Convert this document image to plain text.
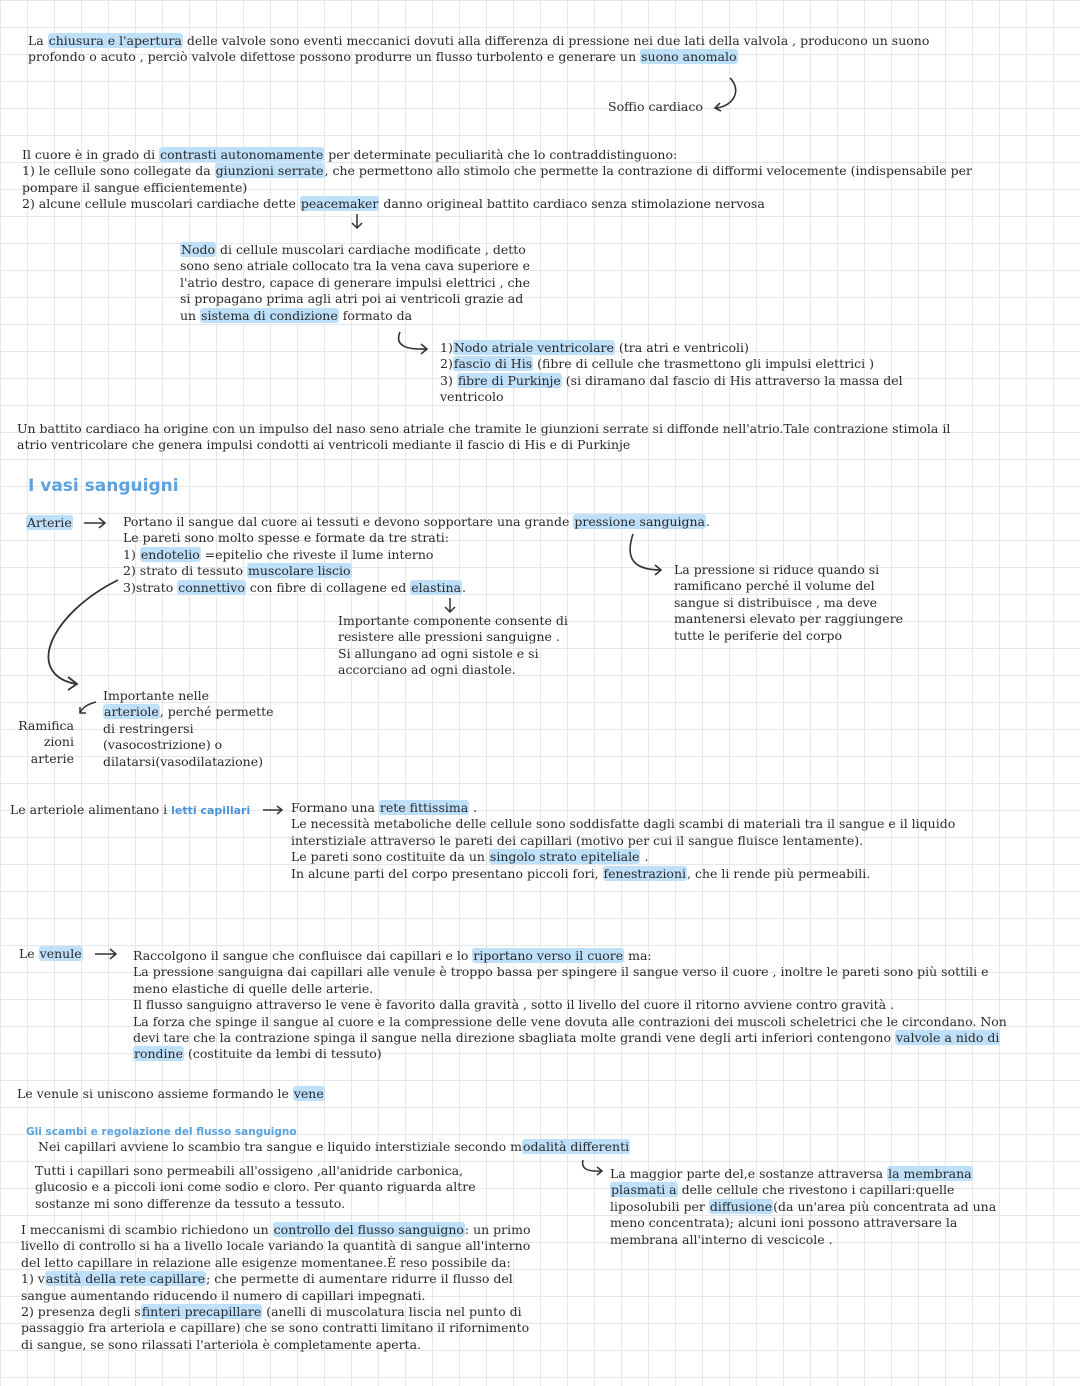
La chiusura e l'apertura delle valvole sono eventi meccanici dovuti alla differenza di pressione nei due lati della valvola , producono un suono

profondo o acuto , perciò valvole difettose possono produrre un flusso turbolento e generare un suono anomalo

Soffio cardiaco

Il cuore è in grado di contrasti autonomamente per determinate peculiarità che lo contraddistinguono:

1) le cellule sono collegate da giunzioni serrate, che permettono allo stimolo che permette la contrazione di difformi velocemente (indispensabile per

pompare il sangue efficientemente)

2) alcune cellule muscolari cardiache dette peacemaker danno origineal battito cardiaco senza stimolazione nervosa

Nodo di cellule muscolari cardiache modificate , detto

sono seno atriale collocato tra la vena cava superiore e

l'atrio destro, capace di generare impulsi elettrici , che

si propagano prima agli atri poi ai ventricoli grazie ad

un sistema di condizione formato da

1)Nodo atriale ventricolare (tra atri e ventricoli)

2)fascio di His (fibre di cellule che trasmettono gli impulsi elettrici )

3) fibre di Purkinje (si diramano dal fascio di His attraverso la massa del

ventricolo

Un battito cardiaco ha origine con un impulso del naso seno atriale che tramite le giunzioni serrate si diffonde nell'atrio.Tale contrazione stimola il

atrio ventricolare che genera impulsi condotti ai ventricoli mediante il fascio di His e di Purkinje

I vasi sanguigni

Arterie	Portano il sangue dal cuore ai tessuti e devono sopportare una grande pressione sanguigna.

Le pareti sono molto spesse e formate da tre strati:

1) endotelio =epitelio che riveste il lume interno

2) strato di tessuto muscolare liscio

3)strato connettivo con fibre di collagene ed elastina.

La pressione si riduce quando si

ramificano perché il volume del

sangue si distribuisce , ma deve

mantenersi elevato per raggiungere

tutte le periferie del corpo

Importante componente consente di

resistere alle pressioni sanguigne .

Si allungano ad ogni sistole e si

accorciano ad ogni diastole.

Ramifica

zioni

arterie

Importante nelle

arteriole, perché permette

di restringersi

(vasocostrizione) o

dilatarsi(vasodilatazione)

Le arteriole alimentano i letti capillari	Formano una rete fittissima .

Le necessità metaboliche delle cellule sono soddisfatte dagli scambi di materiali tra il sangue e il liquido

interstiziale attraverso le pareti dei capillari (motivo per cui il sangue fluisce lentamente).

Le pareti sono costituite da un singolo strato epiteliale .

In alcune parti del corpo presentano piccoli fori, fenestrazioni, che li rende più permeabili.

Le venule	Raccolgono il sangue che confluisce dai capillari e lo riportano verso il cuore ma:

La pressione sanguigna dai capillari alle venule è troppo bassa per spingere il sangue verso il cuore , inoltre le pareti sono più sottili e

meno elastiche di quelle delle arterie.

Il flusso sanguigno attraverso le vene è favorito dalla gravità , sotto il livello del cuore il ritorno avviene contro gravità .

La forza che spinge il sangue al cuore e la compressione delle vene dovuta alle contrazioni dei muscoli scheletrici che le circondano. Non

devi tare che la contrazione spinga il sangue nella direzione sbagliata molte grandi vene degli arti inferiori contengono valvole a nido di

rondine (costituite da lembi di tessuto)

Le venule si uniscono assieme formando le vene

Gli scambi e regolazione del flusso sanguigno

Nei capillari avviene lo scambio tra sangue e liquido interstiziale secondo modalità differenti

Tutti i capillari sono permeabili all'ossigeno ,all'anidride carbonica,

glucosio e a piccoli ioni come sodio e cloro. Per quanto riguarda altre

sostanze mi sono differenze da tessuto a tessuto.

La maggior parte del,e sostanze attraversa la membrana

plasmati a delle cellule che rivestono i capillari:quelle

liposolubili per diffusione(da un'area più concentrata ad una

meno concentrata); alcuni ioni possono attraversare la

membrana all'interno di vescicole .

I meccanismi di scambio richiedono un controllo del flusso sanguigno: un primo

livello di controllo si ha a livello locale variando la quantità di sangue all'interno

del letto capillare in relazione alle esigenze momentanee.È reso possibile da:

1) vastità della rete capillare; che permette di aumentare ridurre il flusso del

sangue aumentando riducendo il numero di capillari impegnati.

2) presenza degli sfinteri precapillare (anelli di muscolatura liscia nel punto di

passaggio fra arteriola e capillare) che se sono contratti limitano il rifornimento

di sangue, se sono rilassati l'arteriola è completamente aperta.
